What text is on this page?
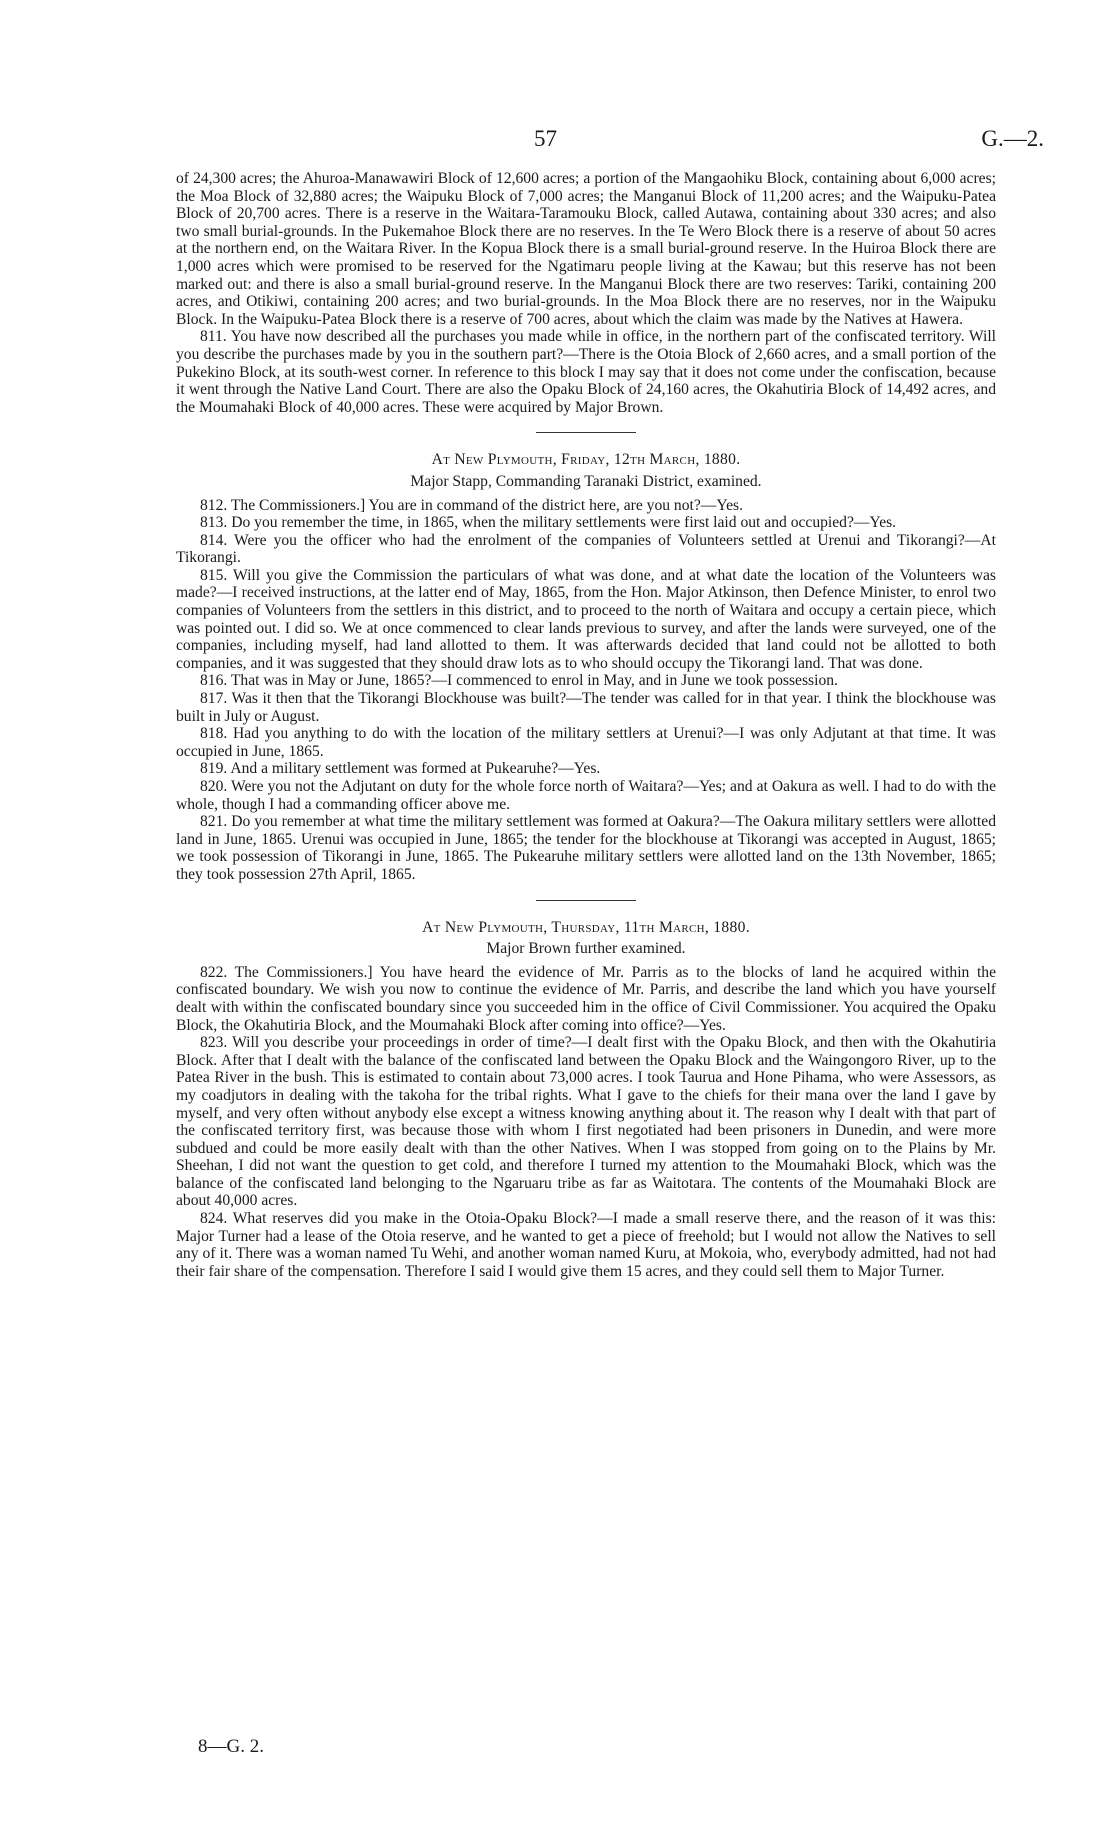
57	G.—2.

of 24,300 acres; the Ahuroa-Manawawiri Block of 12,600 acres; a portion of the Mangaohiku Block, containing about 6,000 acres; the Moa Block of 32,880 acres; the Waipuku Block of 7,000 acres; the Manganui Block of 11,200 acres; and the Waipuku-Patea Block of 20,700 acres. There is a reserve in the Waitara-Taramouku Block, called Autawa, containing about 330 acres; and also two small burial-grounds. In the Pukemahoe Block there are no reserves. In the Te Wero Block there is a reserve of about 50 acres at the northern end, on the Waitara River. In the Kopua Block there is a small burial-ground reserve. In the Huiroa Block there are 1,000 acres which were promised to be reserved for the Ngatimaru people living at the Kawau; but this reserve has not been marked out: and there is also a small burial-ground reserve. In the Manganui Block there are two reserves: Tariki, containing 200 acres, and Otikiwi, containing 200 acres; and two burial-grounds. In the Moa Block there are no reserves, nor in the Waipuku Block. In the Waipuku-Patea Block there is a reserve of 700 acres, about which the claim was made by the Natives at Hawera.

811. You have now described all the purchases you made while in office, in the northern part of the confiscated territory. Will you describe the purchases made by you in the southern part?—There is the Otoia Block of 2,660 acres, and a small portion of the Pukekino Block, at its south-west corner. In reference to this block I may say that it does not come under the confiscation, because it went through the Native Land Court. There are also the Opaku Block of 24,160 acres, the Okahutiria Block of 14,492 acres, and the Moumahaki Block of 40,000 acres. These were acquired by Major Brown.

At New Plymouth, Friday, 12th March, 1880.
Major Stapp, Commanding Taranaki District, examined.

812. The Commissioners.] You are in command of the district here, are you not?—Yes.

813. Do you remember the time, in 1865, when the military settlements were first laid out and occupied?—Yes.

814. Were you the officer who had the enrolment of the companies of Volunteers settled at Urenui and Tikorangi?—At Tikorangi.

815. Will you give the Commission the particulars of what was done, and at what date the location of the Volunteers was made?—I received instructions, at the latter end of May, 1865, from the Hon. Major Atkinson, then Defence Minister, to enrol two companies of Volunteers from the settlers in this district, and to proceed to the north of Waitara and occupy a certain piece, which was pointed out. I did so. We at once commenced to clear lands previous to survey, and after the lands were surveyed, one of the companies, including myself, had land allotted to them. It was afterwards decided that land could not be allotted to both companies, and it was suggested that they should draw lots as to who should occupy the Tikorangi land. That was done.

816. That was in May or June, 1865?—I commenced to enrol in May, and in June we took possession.

817. Was it then that the Tikorangi Blockhouse was built?—The tender was called for in that year. I think the blockhouse was built in July or August.

818. Had you anything to do with the location of the military settlers at Urenui?—I was only Adjutant at that time. It was occupied in June, 1865.

819. And a military settlement was formed at Pukearuhe?—Yes.

820. Were you not the Adjutant on duty for the whole force north of Waitara?—Yes; and at Oakura as well. I had to do with the whole, though I had a commanding officer above me.

821. Do you remember at what time the military settlement was formed at Oakura?—The Oakura military settlers were allotted land in June, 1865. Urenui was occupied in June, 1865; the tender for the blockhouse at Tikorangi was accepted in August, 1865; we took possession of Tikorangi in June, 1865. The Pukearuhe military settlers were allotted land on the 13th November, 1865; they took possession 27th April, 1865.

At New Plymouth, Thursday, 11th March, 1880.
Major Brown further examined.

822. The Commissioners.] You have heard the evidence of Mr. Parris as to the blocks of land he acquired within the confiscated boundary. We wish you now to continue the evidence of Mr. Parris, and describe the land which you have yourself dealt with within the confiscated boundary since you succeeded him in the office of Civil Commissioner. You acquired the Opaku Block, the Okahutiria Block, and the Moumahaki Block after coming into office?—Yes.

823. Will you describe your proceedings in order of time?—I dealt first with the Opaku Block, and then with the Okahutiria Block. After that I dealt with the balance of the confiscated land between the Opaku Block and the Waingongoro River, up to the Patea River in the bush. This is estimated to contain about 73,000 acres. I took Taurua and Hone Pihama, who were Assessors, as my coadjutors in dealing with the takoha for the tribal rights. What I gave to the chiefs for their mana over the land I gave by myself, and very often without anybody else except a witness knowing anything about it. The reason why I dealt with that part of the confiscated territory first, was because those with whom I first negotiated had been prisoners in Dunedin, and were more subdued and could be more easily dealt with than the other Natives. When I was stopped from going on to the Plains by Mr. Sheehan, I did not want the question to get cold, and therefore I turned my attention to the Moumahaki Block, which was the balance of the confiscated land belonging to the Ngaruaru tribe as far as Waitotara. The contents of the Moumahaki Block are about 40,000 acres.

824. What reserves did you make in the Otoia-Opaku Block?—I made a small reserve there, and the reason of it was this: Major Turner had a lease of the Otoia reserve, and he wanted to get a piece of freehold; but I would not allow the Natives to sell any of it. There was a woman named Tu Wehi, and another woman named Kuru, at Mokoia, who, everybody admitted, had not had their fair share of the compensation. Therefore I said I would give them 15 acres, and they could sell them to Major Turner.

8—G. 2.
